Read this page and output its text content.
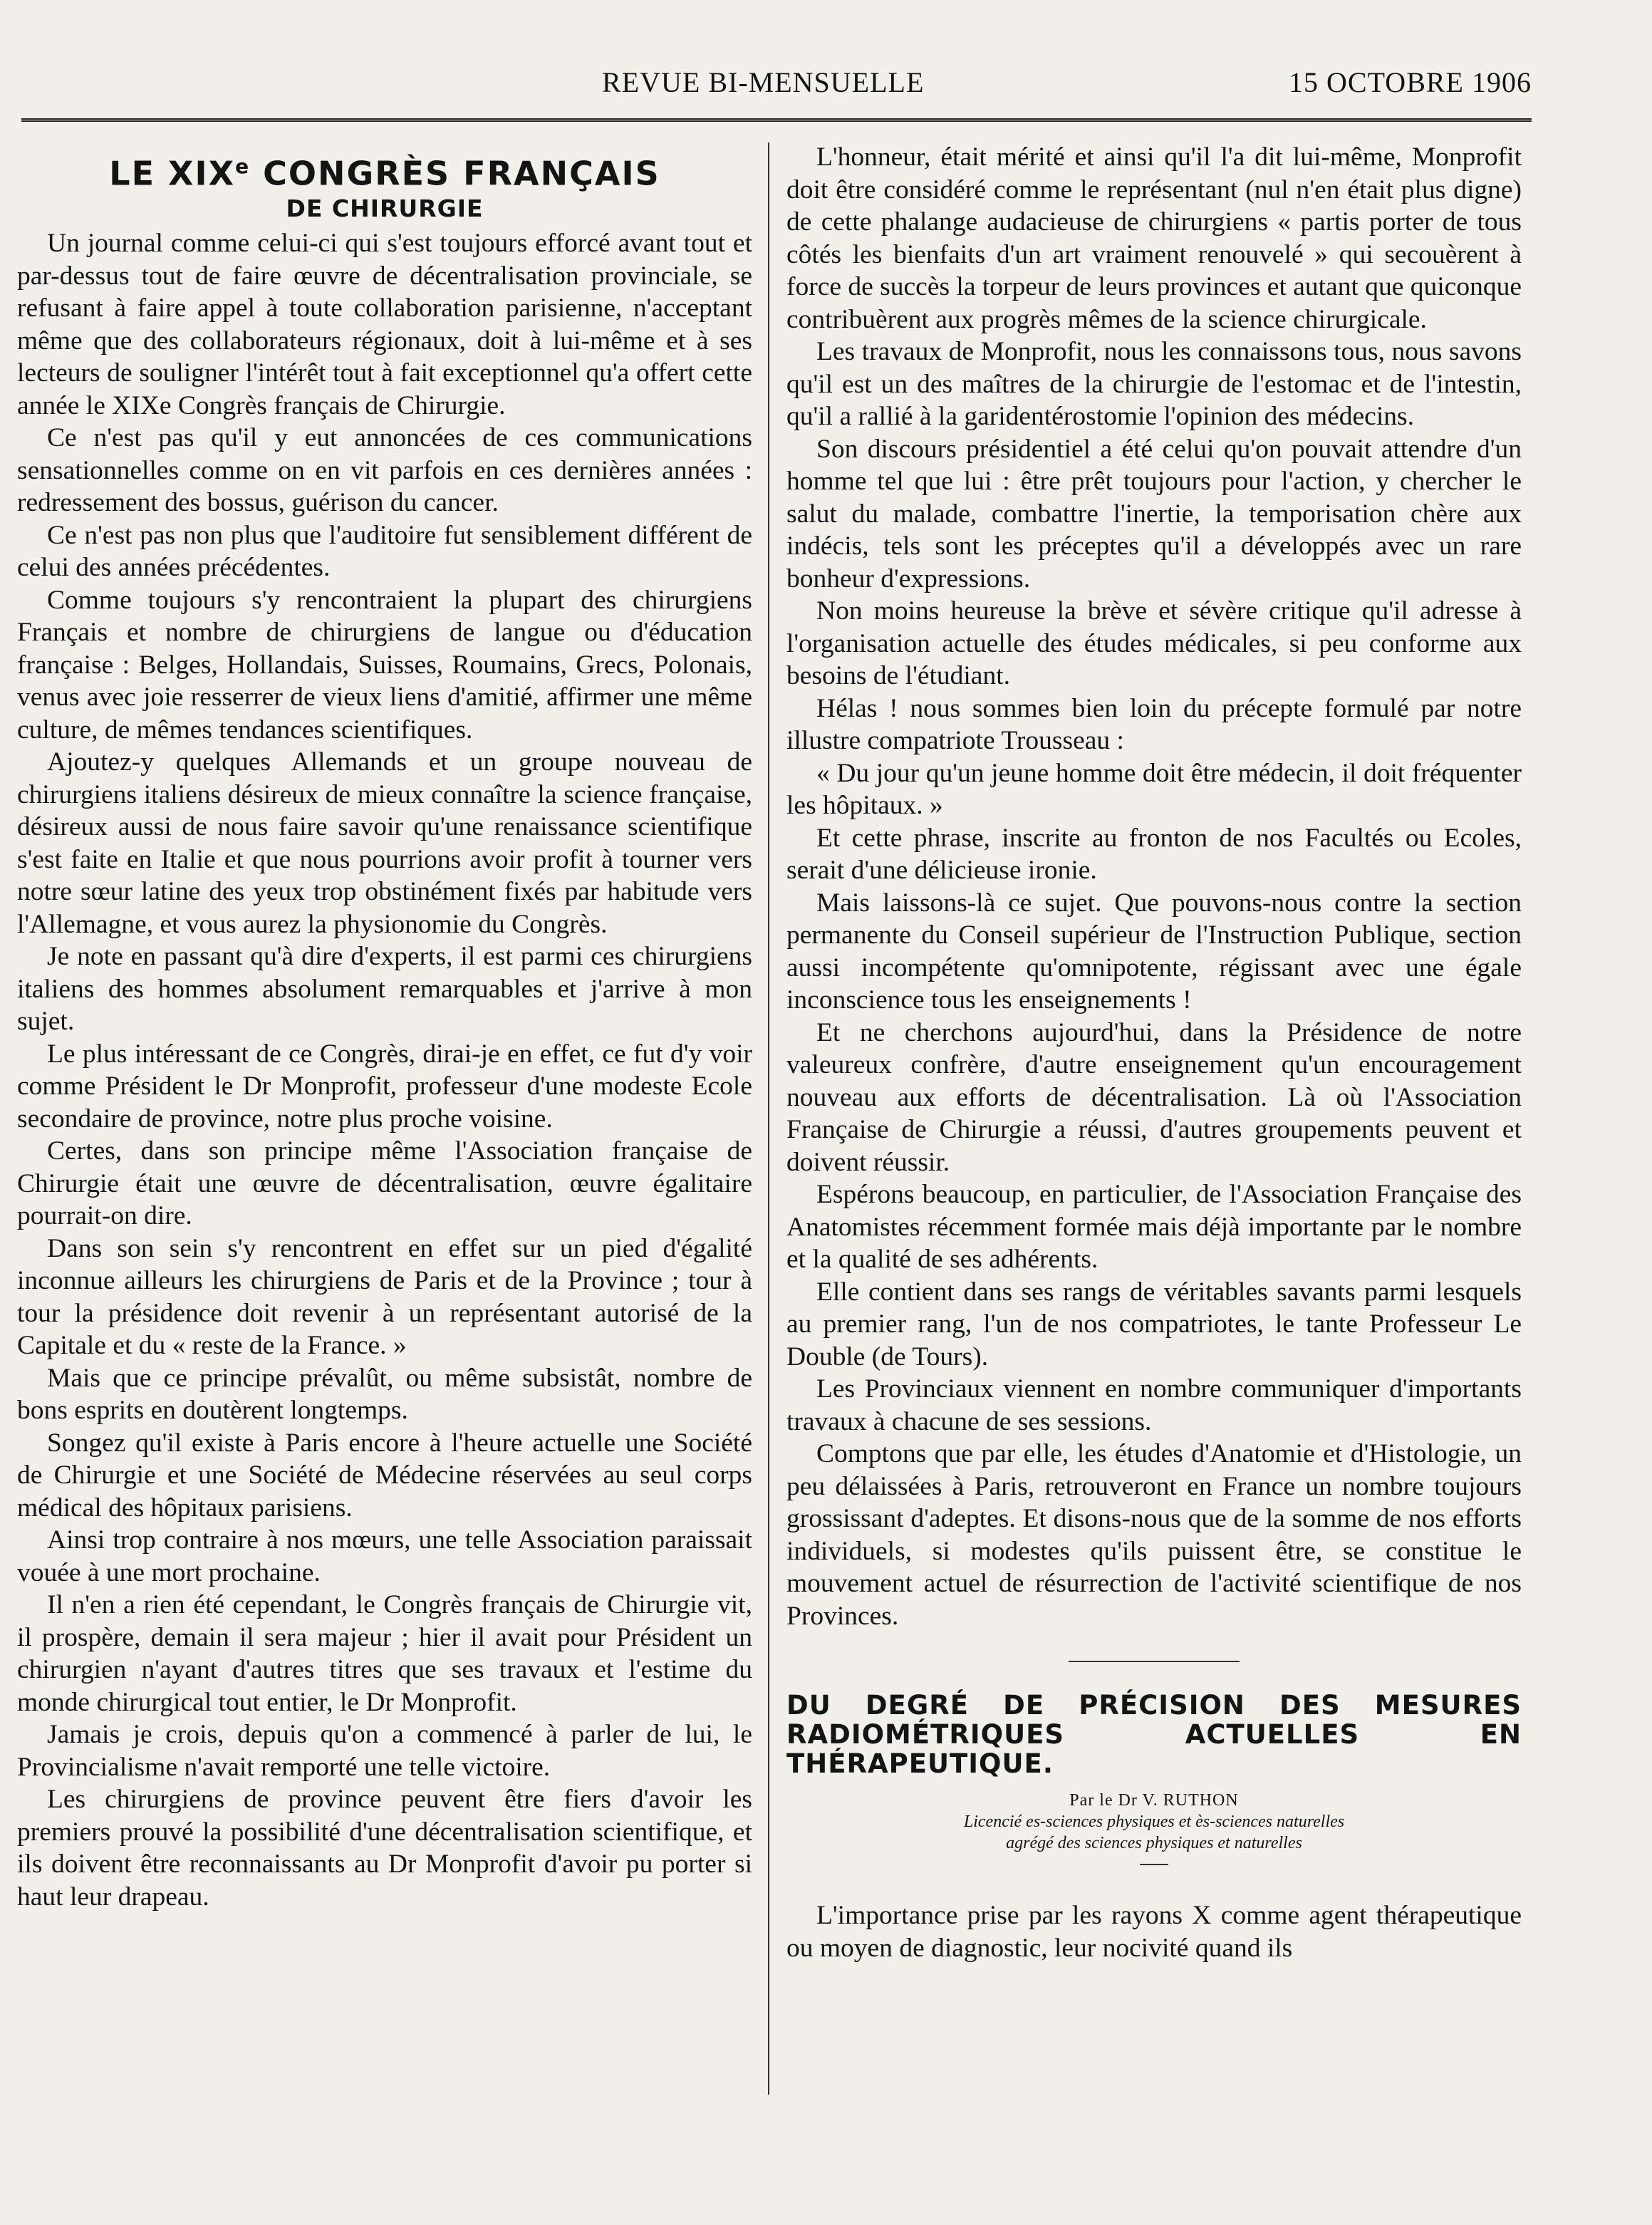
REVUE BI-MENSUELLE	15 OCTOBRE 1906
LE XIXe CONGRÈS FRANÇAIS
DE CHIRURGIE

Un journal comme celui-ci qui s'est toujours efforcé avant tout et par-dessus tout de faire œuvre de décentralisation provinciale, se refusant à faire appel à toute collaboration parisienne, n'acceptant même que des collaborateurs régionaux, doit à lui-même et à ses lecteurs de souligner l'intérêt tout à fait exceptionnel qu'a offert cette année le XIXe Congrès français de Chirurgie.

Ce n'est pas qu'il y eut annoncées de ces communications sensationnelles comme on en vit parfois en ces dernières années : redressement des bossus, guérison du cancer.

Ce n'est pas non plus que l'auditoire fut sensiblement différent de celui des années précédentes.

Comme toujours s'y rencontraient la plupart des chirurgiens Français et nombre de chirurgiens de langue ou d'éducation française : Belges, Hollandais, Suisses, Roumains, Grecs, Polonais, venus avec joie resserrer de vieux liens d'amitié, affirmer une même culture, de mêmes tendances scientifiques.

Ajoutez-y quelques Allemands et un groupe nouveau de chirurgiens italiens désireux de mieux connaître la science française, désireux aussi de nous faire savoir qu'une renaissance scientifique s'est faite en Italie et que nous pourrions avoir profit à tourner vers notre sœur latine des yeux trop obstinément fixés par habitude vers l'Allemagne, et vous aurez la physionomie du Congrès.

Je note en passant qu'à dire d'experts, il est parmi ces chirurgiens italiens des hommes absolument remarquables et j'arrive à mon sujet.

Le plus intéressant de ce Congrès, dirai-je en effet, ce fut d'y voir comme Président le Dr Monprofit, professeur d'une modeste Ecole secondaire de province, notre plus proche voisine.

Certes, dans son principe même l'Association française de Chirurgie était une œuvre de décentralisation, œuvre égalitaire pourrait-on dire.

Dans son sein s'y rencontrent en effet sur un pied d'égalité inconnue ailleurs les chirurgiens de Paris et de la Province ; tour à tour la présidence doit revenir à un représentant autorisé de la Capitale et du « reste de la France. »

Mais que ce principe prévalût, ou même subsistât, nombre de bons esprits en doutèrent longtemps.

Songez qu'il existe à Paris encore à l'heure actuelle une Société de Chirurgie et une Société de Médecine réservées au seul corps médical des hôpitaux parisiens.

Ainsi trop contraire à nos mœurs, une telle Association paraissait vouée à une mort prochaine.

Il n'en a rien été cependant, le Congrès français de Chirurgie vit, il prospère, demain il sera majeur ; hier il avait pour Président un chirurgien n'ayant d'autres titres que ses travaux et l'estime du monde chirurgical tout entier, le Dr Monprofit.

Jamais je crois, depuis qu'on a commencé à parler de lui, le Provincialisme n'avait remporté une telle victoire.

Les chirurgiens de province peuvent être fiers d'avoir les premiers prouvé la possibilité d'une décentralisation scientifique, et ils doivent être reconnaissants au Dr Monprofit d'avoir pu porter si haut leur drapeau.

L'honneur, était mérité et ainsi qu'il l'a dit lui-même, Monprofit doit être considéré comme le représentant (nul n'en était plus digne) de cette phalange audacieuse de chirurgiens « partis porter de tous côtés les bienfaits d'un art vraiment renouvelé » qui secouèrent à force de succès la torpeur de leurs provinces et autant que quiconque contribuèrent aux progrès mêmes de la science chirurgicale.

Les travaux de Monprofit, nous les connaissons tous, nous savons qu'il est un des maîtres de la chirurgie de l'estomac et de l'intestin, qu'il a rallié à la garidentérostomie l'opinion des médecins.

Son discours présidentiel a été celui qu'on pouvait attendre d'un homme tel que lui : être prêt toujours pour l'action, y chercher le salut du malade, combattre l'inertie, la temporisation chère aux indécis, tels sont les préceptes qu'il a développés avec un rare bonheur d'expressions.

Non moins heureuse la brève et sévère critique qu'il adresse à l'organisation actuelle des études médicales, si peu conforme aux besoins de l'étudiant.

Hélas ! nous sommes bien loin du précepte formulé par notre illustre compatriote Trousseau :

« Du jour qu'un jeune homme doit être médecin, il doit fréquenter les hôpitaux. »

Et cette phrase, inscrite au fronton de nos Facultés ou Ecoles, serait d'une délicieuse ironie.

Mais laissons-là ce sujet. Que pouvons-nous contre la section permanente du Conseil supérieur de l'Instruction Publique, section aussi incompétente qu'omnipotente, régissant avec une égale inconscience tous les enseignements !

Et ne cherchons aujourd'hui, dans la Présidence de notre valeureux confrère, d'autre enseignement qu'un encouragement nouveau aux efforts de décentralisation. Là où l'Association Française de Chirurgie a réussi, d'autres groupements peuvent et doivent réussir.

Espérons beaucoup, en particulier, de l'Association Française des Anatomistes récemment formée mais déjà importante par le nombre et la qualité de ses adhérents.

Elle contient dans ses rangs de véritables savants parmi lesquels au premier rang, l'un de nos compatriotes, le tante Professeur Le Double (de Tours).

Les Provinciaux viennent en nombre communiquer d'importants travaux à chacune de ses sessions.

Comptons que par elle, les études d'Anatomie et d'Histologie, un peu délaissées à Paris, retrouveront en France un nombre toujours grossissant d'adeptes. Et disons-nous que de la somme de nos efforts individuels, si modestes qu'ils puissent être, se constitue le mouvement actuel de résurrection de l'activité scientifique de nos Provinces.

DU DEGRÉ DE PRÉCISION DES MESURES RADIOMÉTRIQUES ACTUELLES EN THÉRAPEUTIQUE.
Par le Dr V. RUTHON
Licencié es-sciences physiques et ès-sciences naturelles
agrégé des sciences physiques et naturelles

L'importance prise par les rayons X comme agent thérapeutique ou moyen de diagnostic, leur nocivité quand ils
